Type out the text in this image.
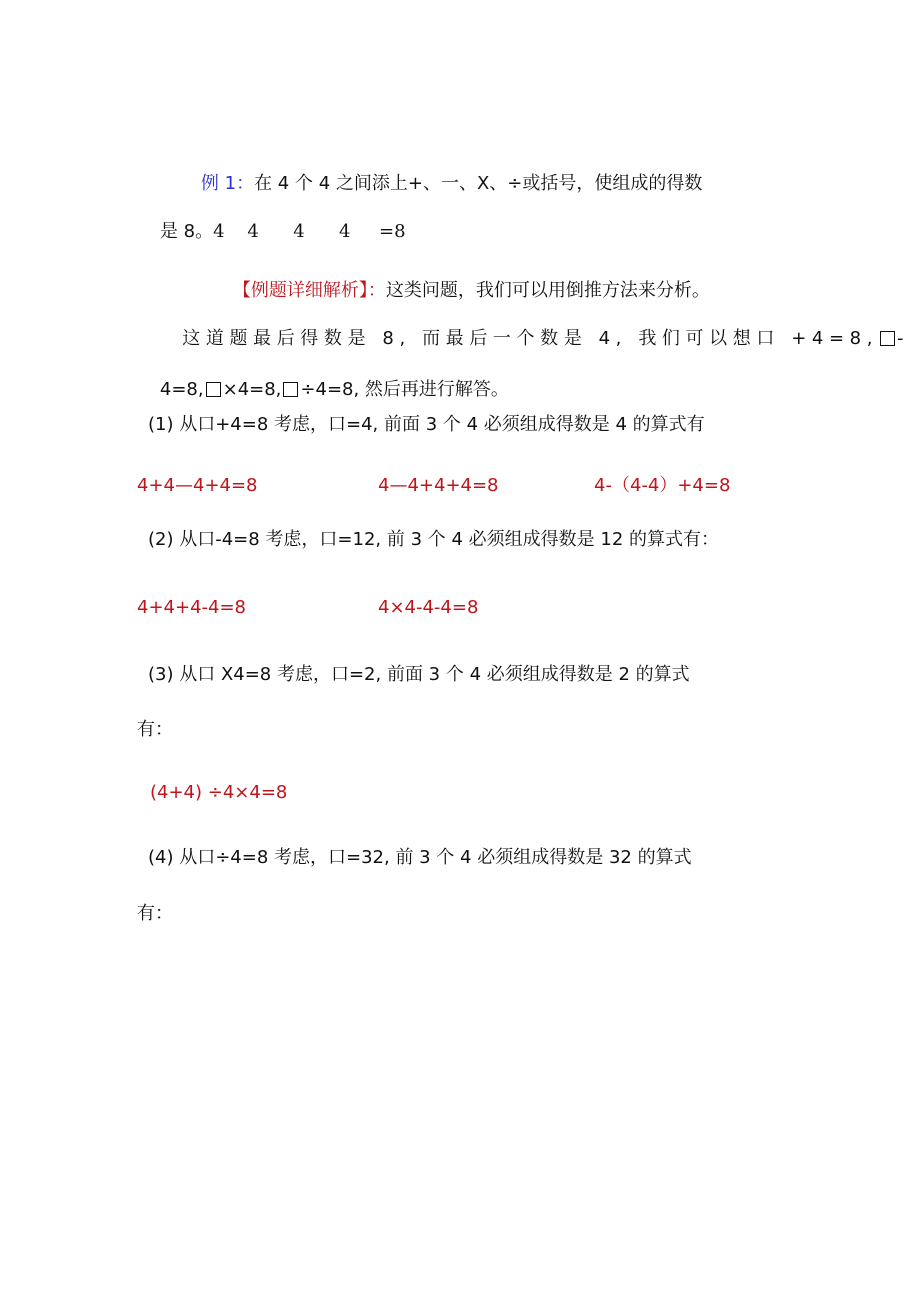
例 1：在 4 个 4 之间添上+、一、X、÷或括号，使组成的得数

是 8。4    4      4      4     =8

【例题详细解析】：这类问题，我们可以用倒推方法来分析。

这道题最后得数是 8, 而最后一个数是 4, 我们可以想口 +4=8, -

4=8, ×4=8, ÷4=8, 然后再进行解答。

(1) 从口+4=8 考虑，口=4, 前面 3 个 4 必须组成得数是 4 的算式有
4+4—4+4=8	4—4+4+4=8	4-（4-4）+4=8
(2) 从口-4=8 考虑，口=12, 前 3 个 4 必须组成得数是 12 的算式有：
4+4+4-4=8	4×4-4-4=8
(3) 从口 X4=8 考虑，口=2, 前面 3 个 4 必须组成得数是 2 的算式
有：
(4+4) ÷4×4=8
(4) 从口÷4=8 考虑，口=32, 前 3 个 4 必须组成得数是 32 的算式
有：
